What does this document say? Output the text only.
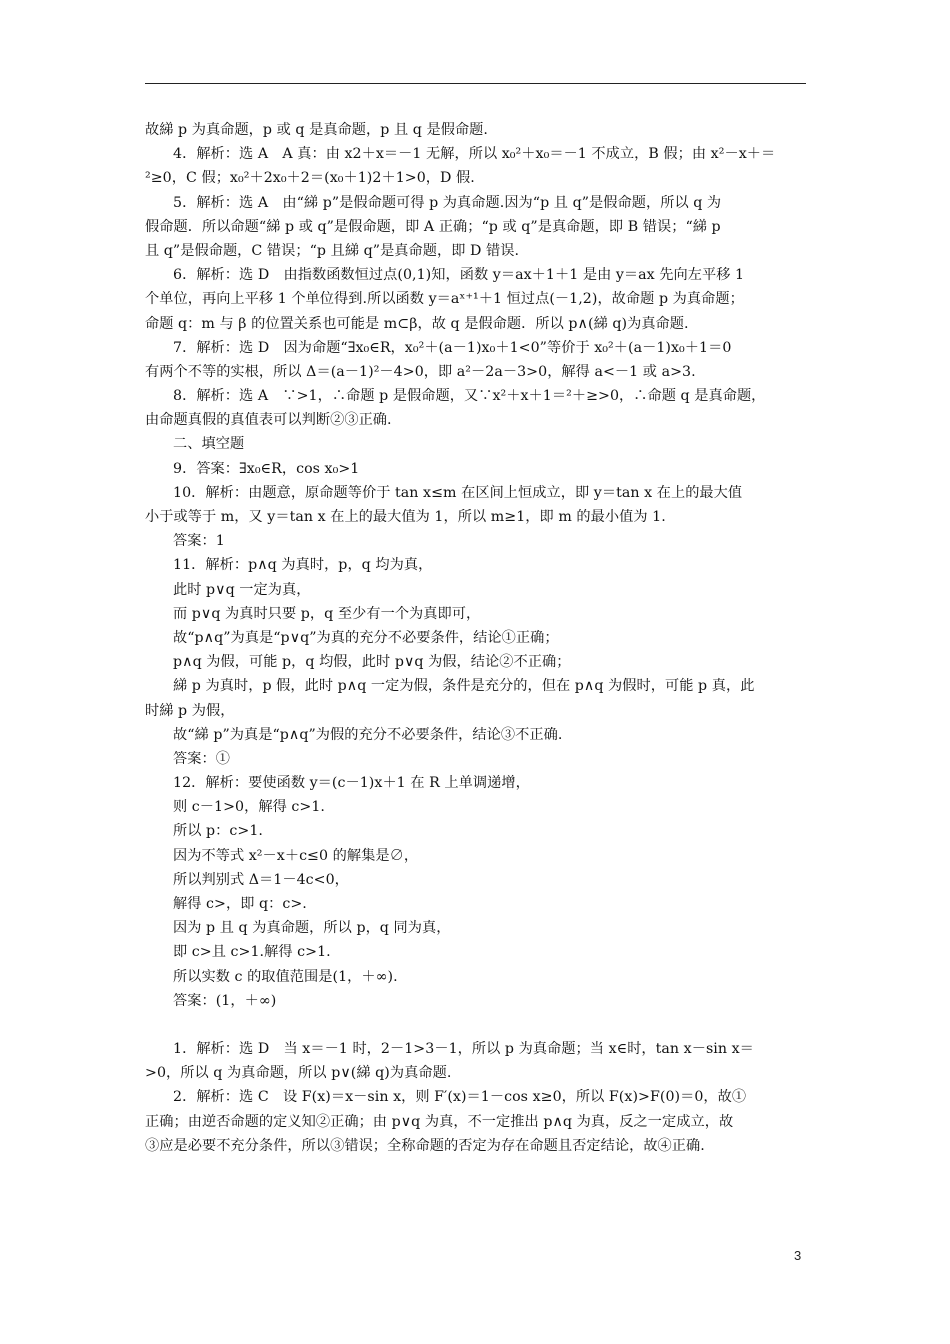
故綈 p 为真命题，p 或 q 是真命题，p 且 q 是假命题.
4．解析：选 A　A 真：由 x2＋x＝－1 无解，所以 x₀²＋x₀＝－1 不成立，B 假；由 x²－x＋＝
²≥0，C 假；x₀²＋2x₀＋2＝(x₀＋1)2＋1>0，D 假.
5．解析：选 A　由“綈 p”是假命题可得 p 为真命题.因为“p 且 q”是假命题，所以 q 为
假命题．所以命题“綈 p 或 q”是假命题，即 A 正确；“p 或 q”是真命题，即 B 错误；“綈 p
且 q”是假命题，C 错误；“p 且綈 q”是真命题，即 D 错误.
6．解析：选 D　由指数函数恒过点(0,1)知，函数 y＝ax＋1＋1 是由 y＝ax 先向左平移 1
个单位，再向上平移 1 个单位得到.所以函数 y＝aˣ⁺¹＋1 恒过点(－1,2)，故命题 p 为真命题；
命题 q：m 与 β 的位置关系也可能是 m⊂β，故 q 是假命题．所以 p∧(綈 q)为真命题.
7．解析：选 D　因为命题“∃x₀∈R，x₀²＋(a－1)x₀＋1<0”等价于 x₀²＋(a－1)x₀＋1＝0
有两个不等的实根，所以 Δ＝(a－1)²－4>0，即 a²－2a－3>0，解得 a<－1 或 a>3.
8．解析：选 A　∵>1，∴命题 p 是假命题，又∵x²＋x＋1＝²＋≥>0，∴命题 q 是真命题，
由命题真假的真值表可以判断②③正确.
二、填空题
9．答案：∃x₀∈R，cos x₀>1
10．解析：由题意，原命题等价于 tan x≤m 在区间上恒成立，即 y＝tan x 在上的最大值
小于或等于 m，又 y＝tan x 在上的最大值为 1，所以 m≥1，即 m 的最小值为 1.
答案：1
11．解析：p∧q 为真时，p，q 均为真，
此时 p∨q 一定为真，
而 p∨q 为真时只要 p，q 至少有一个为真即可，
故“p∧q”为真是“p∨q”为真的充分不必要条件，结论①正确；
p∧q 为假，可能 p，q 均假，此时 p∨q 为假，结论②不正确；
綈 p 为真时，p 假，此时 p∧q 一定为假，条件是充分的，但在 p∧q 为假时，可能 p 真，此
时綈 p 为假，
故“綈 p”为真是“p∧q”为假的充分不必要条件，结论③不正确.
答案：①
12．解析：要使函数 y＝(c－1)x＋1 在 R 上单调递增，
则 c－1>0，解得 c>1.
所以 p：c>1.
因为不等式 x²－x＋c≤0 的解集是∅，
所以判别式 Δ＝1－4c<0，
解得 c>，即 q：c>.
因为 p 且 q 为真命题，所以 p，q 同为真，
即 c>且 c>1.解得 c>1.
所以实数 c 的取值范围是(1，＋∞).
答案：(1，＋∞)
1．解析：选 D　当 x＝－1 时，2－1>3－1，所以 p 为真命题；当 x∈时，tan x－sin x＝
>0，所以 q 为真命题，所以 p∨(綈 q)为真命题.
2．解析：选 C　设 F(x)＝x－sin x，则 F′(x)＝1－cos x≥0，所以 F(x)>F(0)＝0，故①
正确；由逆否命题的定义知②正确；由 p∨q 为真，不一定推出 p∧q 为真，反之一定成立，故
③应是必要不充分条件，所以③错误；全称命题的否定为存在命题且否定结论，故④正确.
3
